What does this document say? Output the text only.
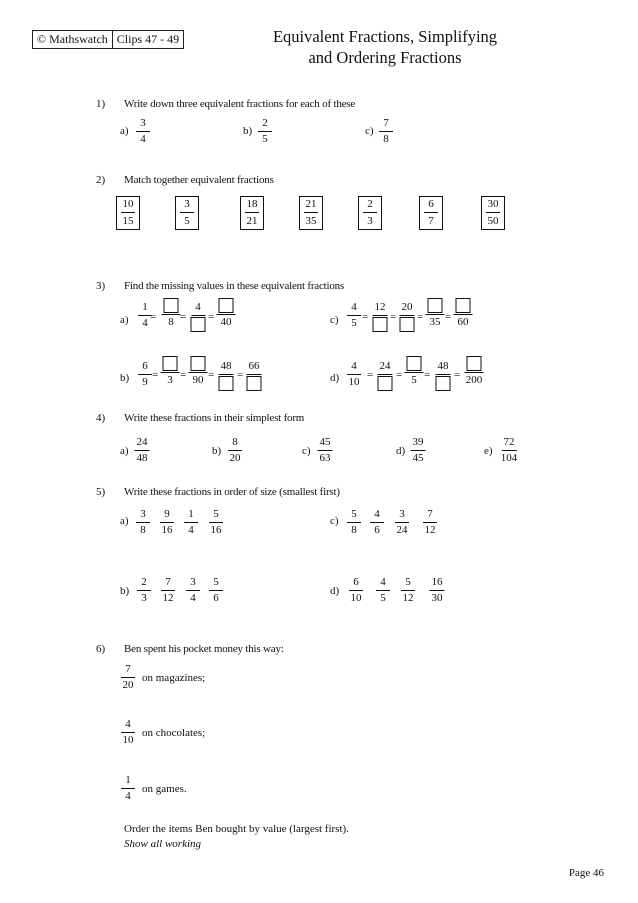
© Mathswatch Clips 47 - 49	Equivalent Fractions, Simplifying
and Ordering Fractions
1) Write down three equivalent fractions for each of these
$a) \frac{3}{4}$	$b) \frac{2}{5}$	$c) \frac{7}{8}$
2) Match together equivalent fractions
$\frac{10}{15}$	$\frac{3}{5}$	$\frac{18}{21}$	$\frac{21}{35}$	$\frac{2}{3}$	$\frac{6}{7}$	$\frac{30}{50}$
3) Find the missing values in these equivalent fractions
$a) \frac{1}{4}$
= 8 =
4
= 40
$b) \frac{6}{9} = 3 = 90$ =
48
=
66
$c) \frac{4}{5}$ =
12
=
20
= 35 = 60
$d) \frac{4}{10}$ =
24
= 5 =
48
= 200
4) Write these fractions in their simplest form
$a) \frac{24}{48}$	$b) \frac{8}{20}$	$c) \frac{45}{63}$	$d) \frac{39}{45}$	$e) \frac{72}{104}$
5) Write these fractions in order of size (smallest first)
$a) \frac{3}{8} \frac{9}{16} \frac{1}{4} \frac{5}{16}$	$c) \frac{5}{8} \frac{4}{6} \frac{3}{24} \frac{7}{12}$
$b) \frac{2}{3} \frac{7}{12} \frac{3}{4} \frac{5}{6}$	$d) \frac{6}{10} \frac{4}{5} \frac{5}{12} \frac{16}{30}$
6) Ben spent his pocket money this way:
$\frac{7}{20}$ on magazines;
$\frac{4}{10}$ on chocolates;
$\frac{1}{4}$ on games.
Order the items Ben bought by value (largest first).
Show all working
Page 46
